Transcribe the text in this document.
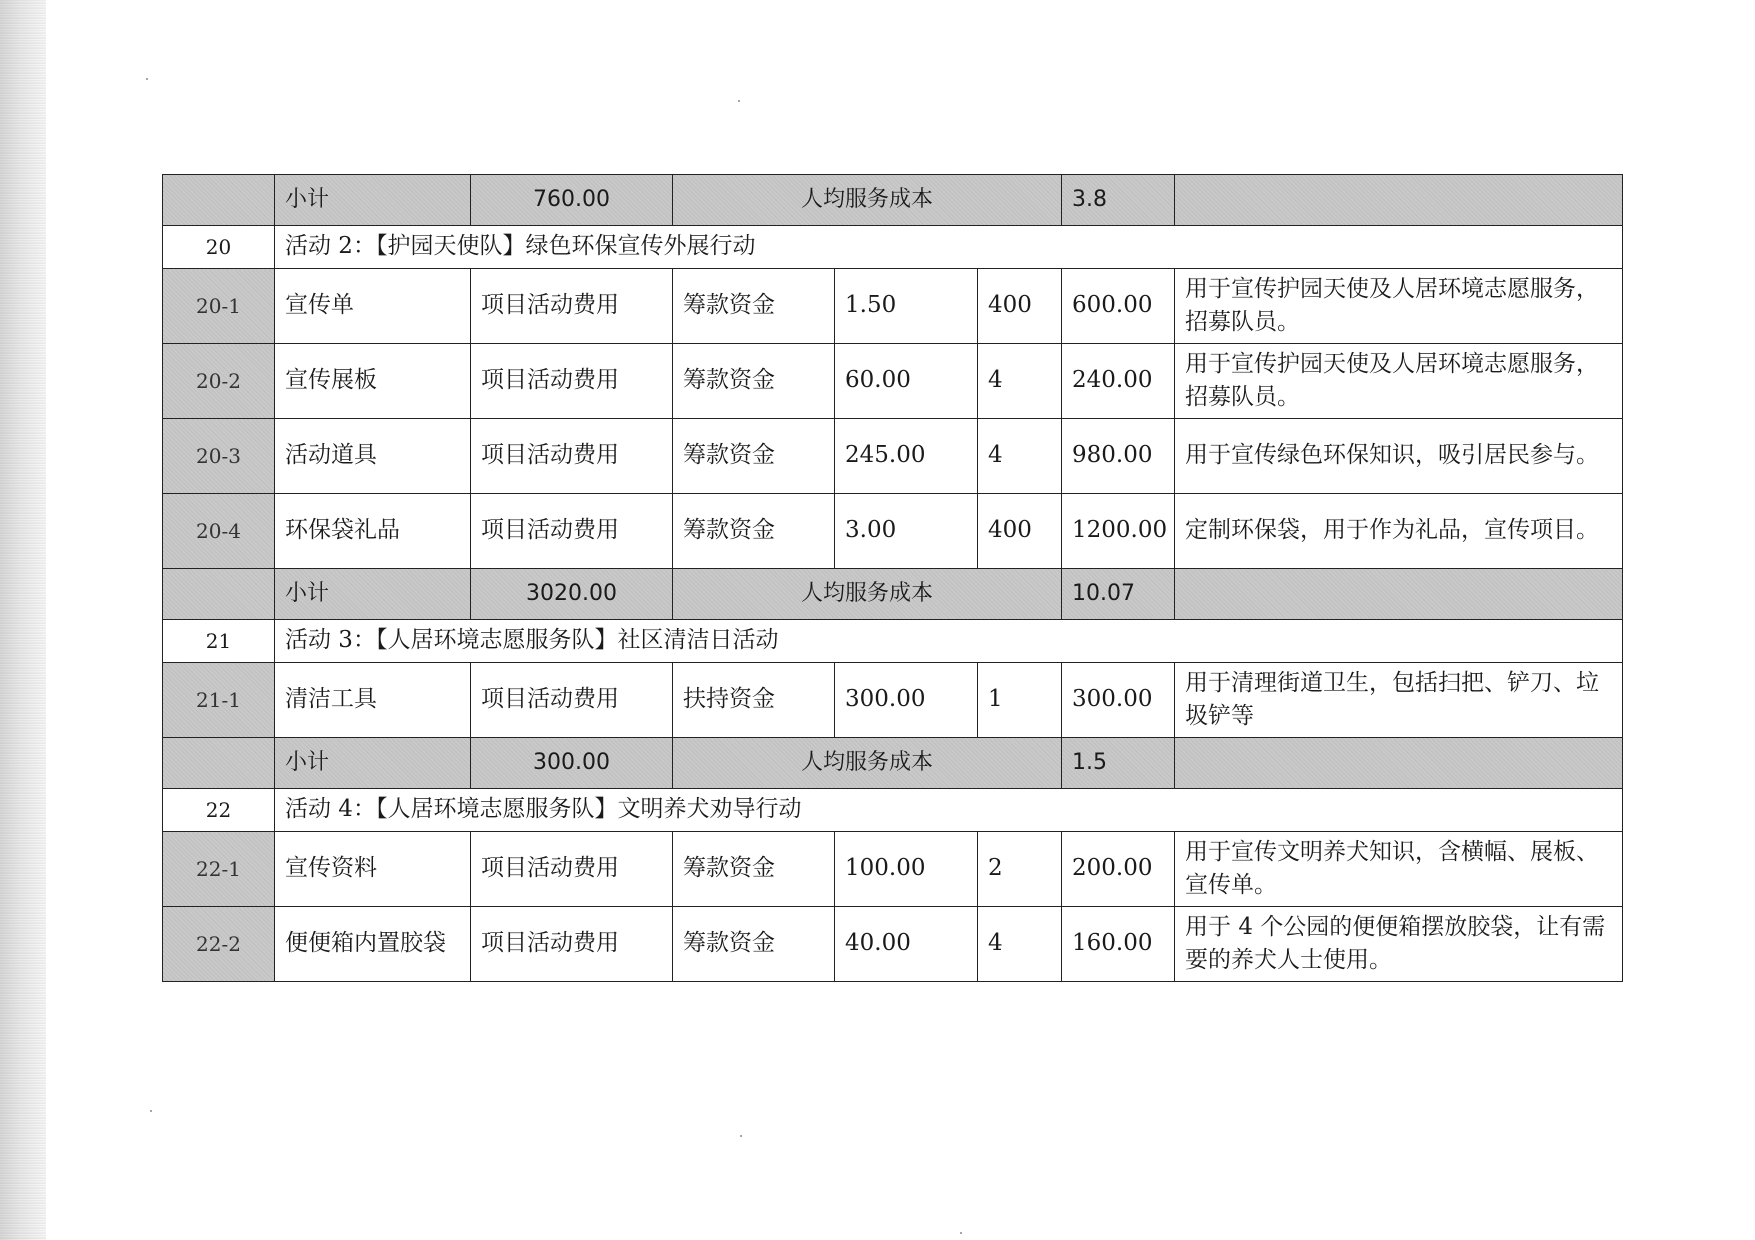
	小计	760.00	人均服务成本			3.8	
20	活动 2：【护园天使队】绿色环保宣传外展行动						
20-1	宣传单	项目活动费用	筹款资金	1.50	400	600.00	用于宣传护园天使及人居环境志愿服务，招募队员。
20-2	宣传展板	项目活动费用	筹款资金	60.00	4	240.00	用于宣传护园天使及人居环境志愿服务，招募队员。
20-3	活动道具	项目活动费用	筹款资金	245.00	4	980.00	用于宣传绿色环保知识，吸引居民参与。
20-4	环保袋礼品	项目活动费用	筹款资金	3.00	400	1200.00	定制环保袋，用于作为礼品，宣传项目。
	小计	3020.00	人均服务成本			10.07	
21	活动 3：【人居环境志愿服务队】社区清洁日活动						
21-1	清洁工具	项目活动费用	扶持资金	300.00	1	300.00	用于清理街道卫生，包括扫把、铲刀、垃圾铲等
	小计	300.00	人均服务成本			1.5	
22	活动 4：【人居环境志愿服务队】文明养犬劝导行动						
22-1	宣传资料	项目活动费用	筹款资金	100.00	2	200.00	用于宣传文明养犬知识，含横幅、展板、宣传单。
22-2	便便箱内置胶袋	项目活动费用	筹款资金	40.00	4	160.00	用于 4 个公园的便便箱摆放胶袋，让有需要的养犬人士使用。
